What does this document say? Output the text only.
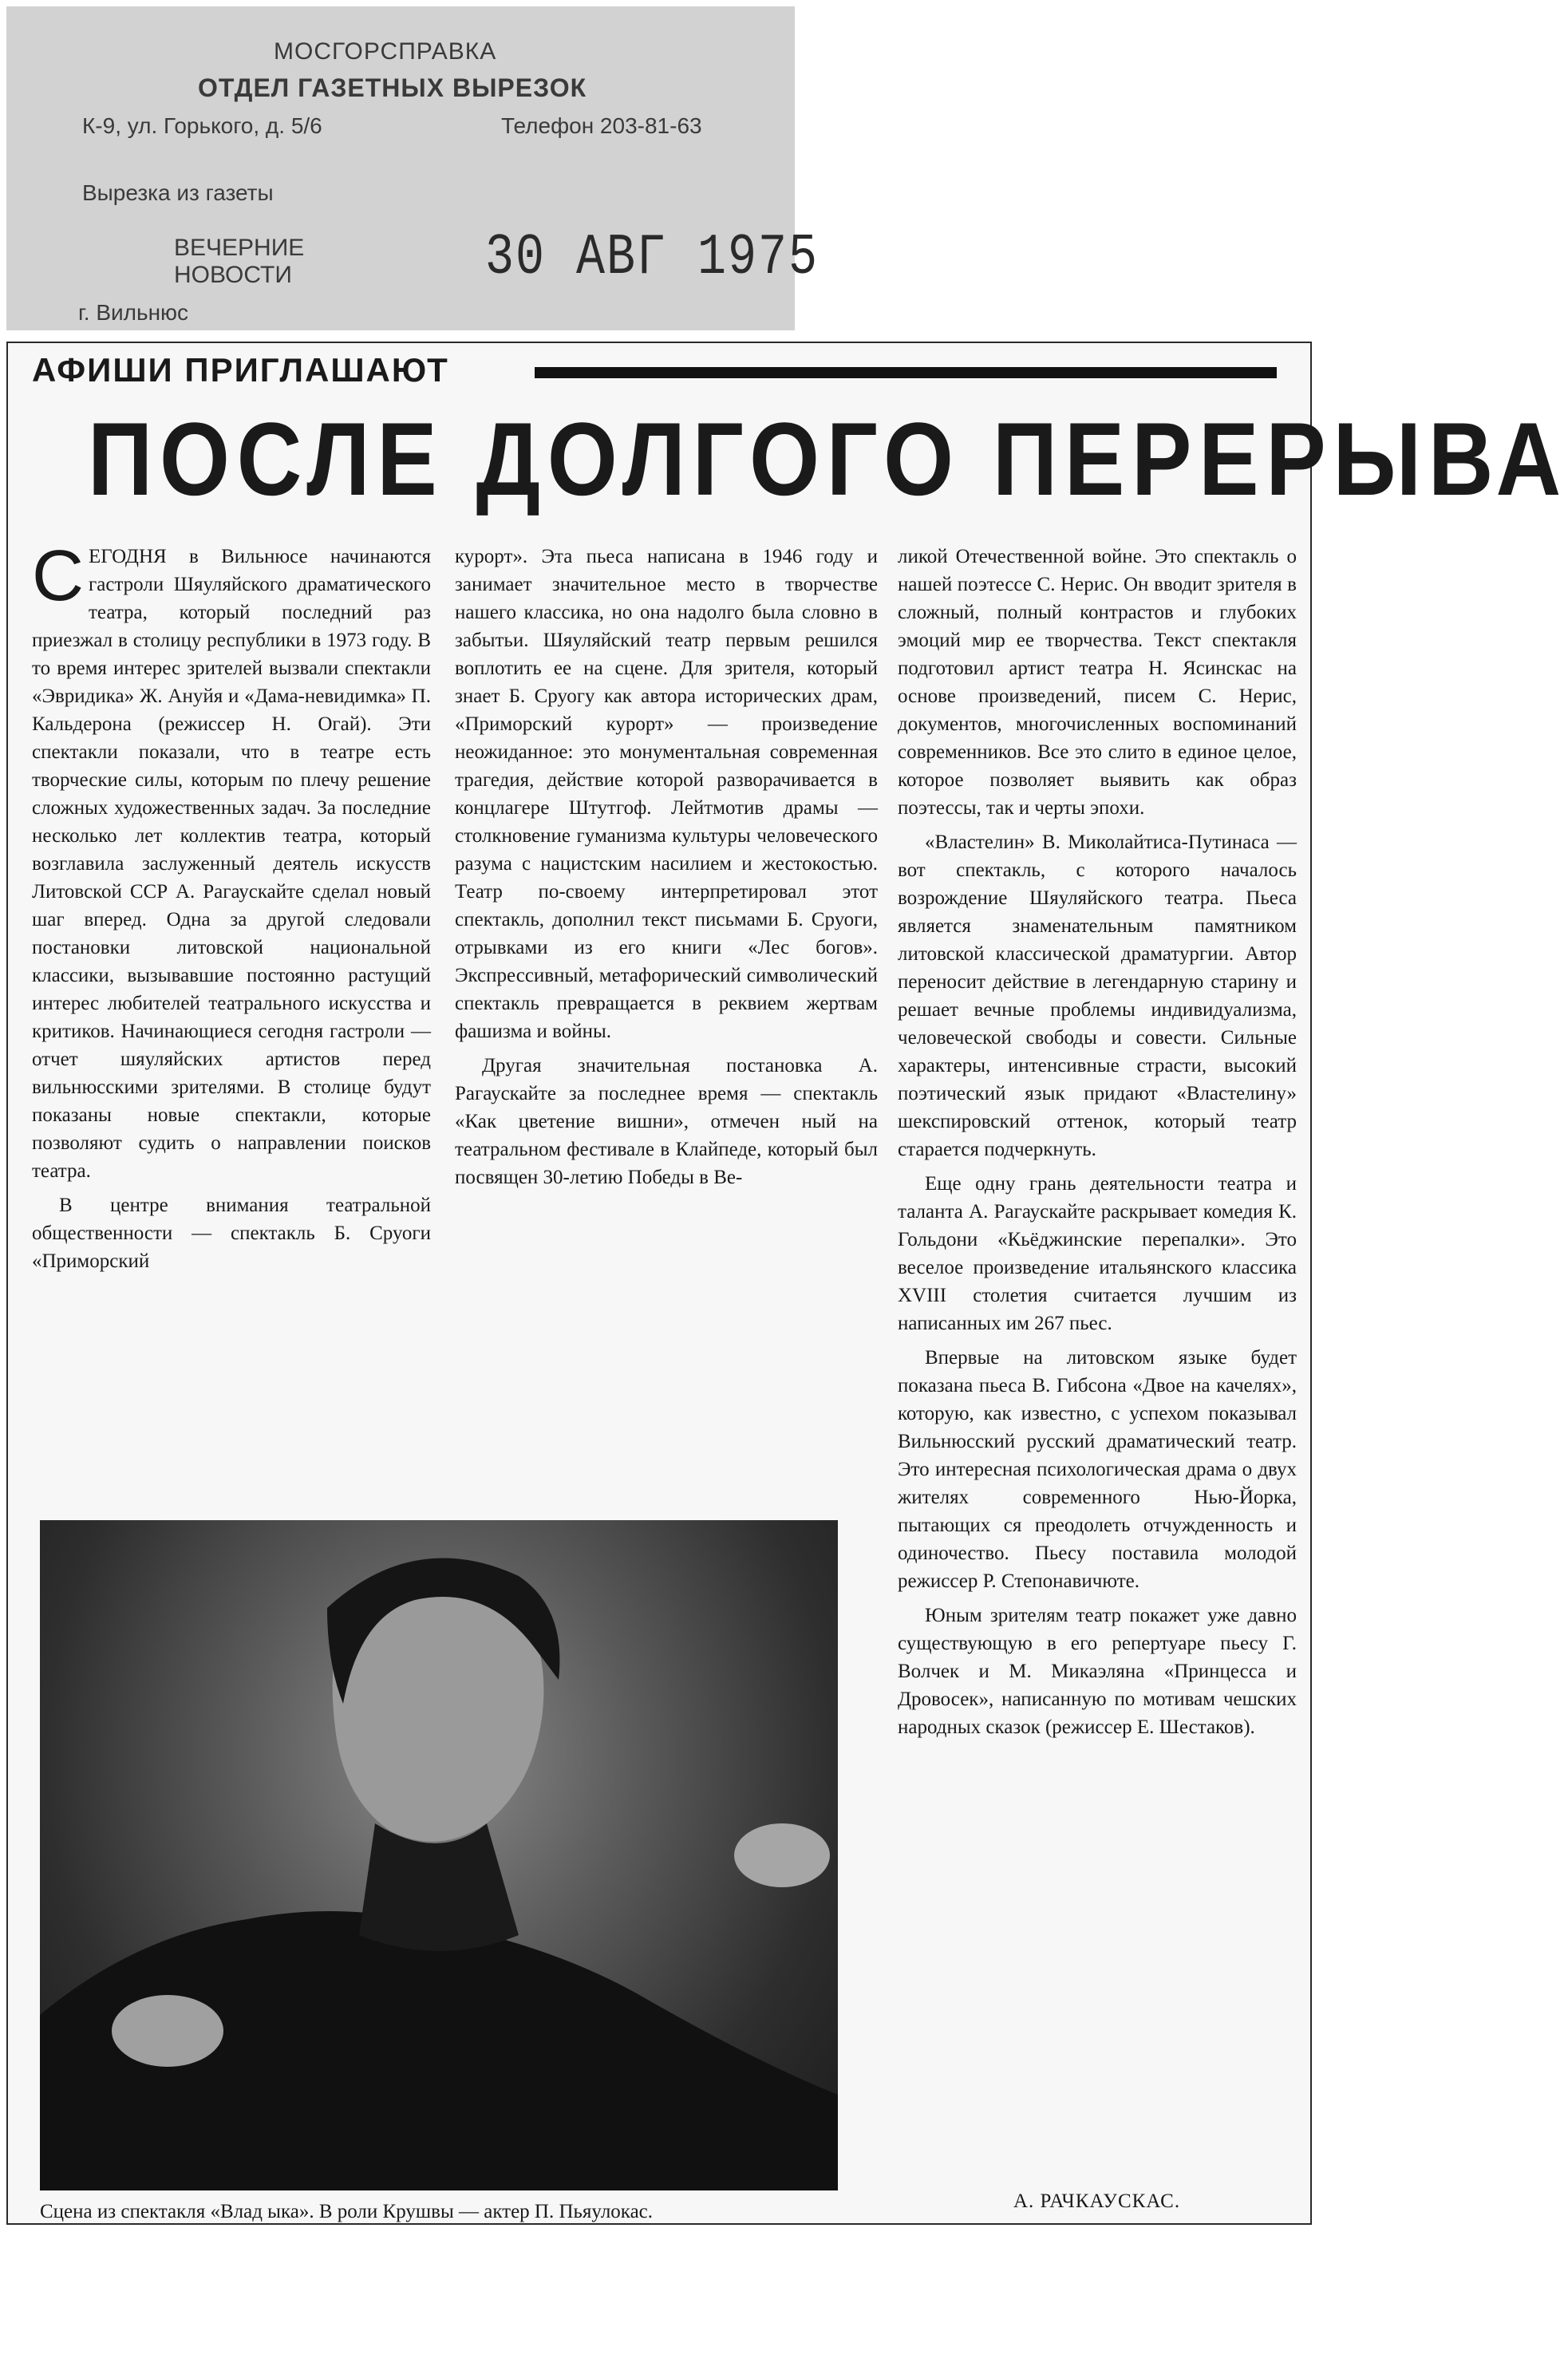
МОСГОРСПРАВКА
ОТДЕЛ ГАЗЕТНЫХ ВЫРЕЗОК
К-9, ул. Горького, д. 5/6	Телефон 203-81-63
Вырезка из газеты
ВЕЧЕРНИЕ
НОВОСТИ	30 АВГ 1975
г. Вильнюс
АФИШИ ПРИГЛАШАЮТ
ПОСЛЕ ДОЛГОГО ПЕРЕРЫВА

СЕГОДНЯ в Вильнюсе начинаются гастроли Шяуляйского драматического театра, который последний раз приезжал в столицу республики в 1973 году. В то время интерес зрителей вызвали спектакли «Эвридика» Ж. Ануйя и «Дама-невидимка» П. Кальдерона (режиссер Н. Огай). Эти спектакли показали, что в театре есть творческие силы, которым по плечу решение сложных художественных задач. За последние несколько лет коллектив театра, который возглавила заслуженный деятель искусств Литовской ССР А. Рагаускайте сделал новый шаг вперед. Одна за другой следовали постановки литовской национальной классики, вызывавшие постоянно растущий интерес любителей театрального искусства и критиков. Начинающиеся сегодня гастроли — отчет шяуляйских артистов перед вильнюсскими зрителями. В столице будут показаны новые спектакли, которые позволяют судить о направлении поисков театра.

В центре внимания театральной общественности — спектакль Б. Сруоги «Приморский

курорт». Эта пьеса написана в 1946 году и занимает значительное место в творчестве нашего классика, но она надолго была словно в забытьи. Шяуляйский театр первым решился воплотить ее на сцене. Для зрителя, который знает Б. Сруогу как автора исторических драм, «Приморский курорт» — произведение неожиданное: это монументальная современная трагедия, действие которой разворачивается в концлагере Штутгоф. Лейтмотив драмы — столкновение гуманизма культуры человеческого разума с нацистским насилием и жестокостью. Театр по-своему интерпретировал этот спектакль, дополнил текст письмами Б. Сруоги, отрывками из его книги «Лес богов». Экспрессивный, метафорический символический спектакль превращается в реквием жертвам фашизма и войны.

Другая значительная постановка А. Рагаускайте за последнее время — спектакль «Как цветение вишни», отмечен ный на театральном фестивале в Клайпеде, который был посвящен 30-летию Победы в Ве-

ликой Отечественной войне. Это спектакль о нашей поэтессе С. Нерис. Он вводит зрителя в сложный, полный контрастов и глубоких эмоций мир ее творчества. Текст спектакля подготовил артист театра Н. Ясинскас на основе произведений, писем С. Нерис, документов, многочисленных воспоминаний современников. Все это слито в единое целое, которое позволяет выявить как образ поэтессы, так и черты эпохи.

«Властелин» В. Миколайтиса-Путинаса — вот спектакль, с которого началось возрождение Шяуляйского театра. Пьеса является знаменательным памятником литовской классической драматургии. Автор переносит действие в легендарную старину и решает вечные проблемы индивидуализма, человеческой свободы и совести. Сильные характеры, интенсивные страсти, высокий поэтический язык придают «Властелину» шекспировский оттенок, который театр старается подчеркнуть.

Еще одну грань деятельности театра и таланта А. Рагаускайте раскрывает комедия К. Гольдони «Кьёджинские перепалки». Это веселое произведение итальянского классика XVIII столетия считается лучшим из написанных им 267 пьес.

Впервые на литовском языке будет показана пьеса В. Гибсона «Двое на качелях», которую, как известно, с успехом показывал Вильнюсский русский драматический театр. Это интересная психологическая драма о двух жителях современного Нью-Йорка, пытающих ся преодолеть отчужденность и одиночество. Пьесу поставила молодой режиссер Р. Степонавичюте.

Юным зрителям театр покажет уже давно существующую в его репертуаре пьесу Г. Волчек и М. Микаэляна «Принцесса и Дровосек», написанную по мотивам чешских народных сказок (режиссер Е. Шестаков).

Сцена из спектакля «Влад ыка». В роли Крушвы — актер П. Пьяулокас.	А. РАЧКАУСКАС.
